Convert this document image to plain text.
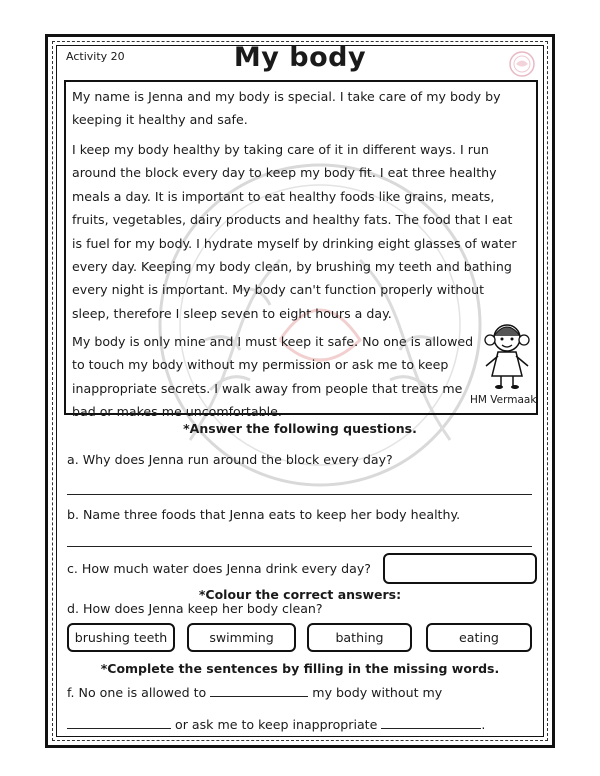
Activity 20	My body
My name is Jenna and my body is special. I take care of my body by keeping it healthy and safe.
I keep my body healthy by taking care of it in different ways. I run around the block every day to keep my body fit. I eat three healthy meals a day. It is important to eat healthy foods like grains, meats, fruits, vegetables, dairy products and healthy fats. The food that I eat is fuel for my body. I hydrate myself by drinking eight glasses of water every day. Keeping my body clean, by brushing my teeth and bathing every night is important. My body can't function properly without sleep, therefore I sleep seven to eight hours a day.
My body is only mine and I must keep it safe. No one is allowed to touch my body without my permission or ask me to keep inappropriate secrets. I walk away from people that treats me bad or makes me uncomfortable.
HM Vermaak
*Answer the following questions.
a. Why does Jenna run around the block every day?
b. Name three foods that Jenna eats to keep her body healthy.
c. How much water does Jenna drink every day?
*Colour the correct answers:
d. How does Jenna keep her body clean?
brushing teeth	swimming	bathing	eating
*Complete the sentences by filling in the missing words.
f. No one is allowed to	my body without my
or ask me to keep inappropriate	.
